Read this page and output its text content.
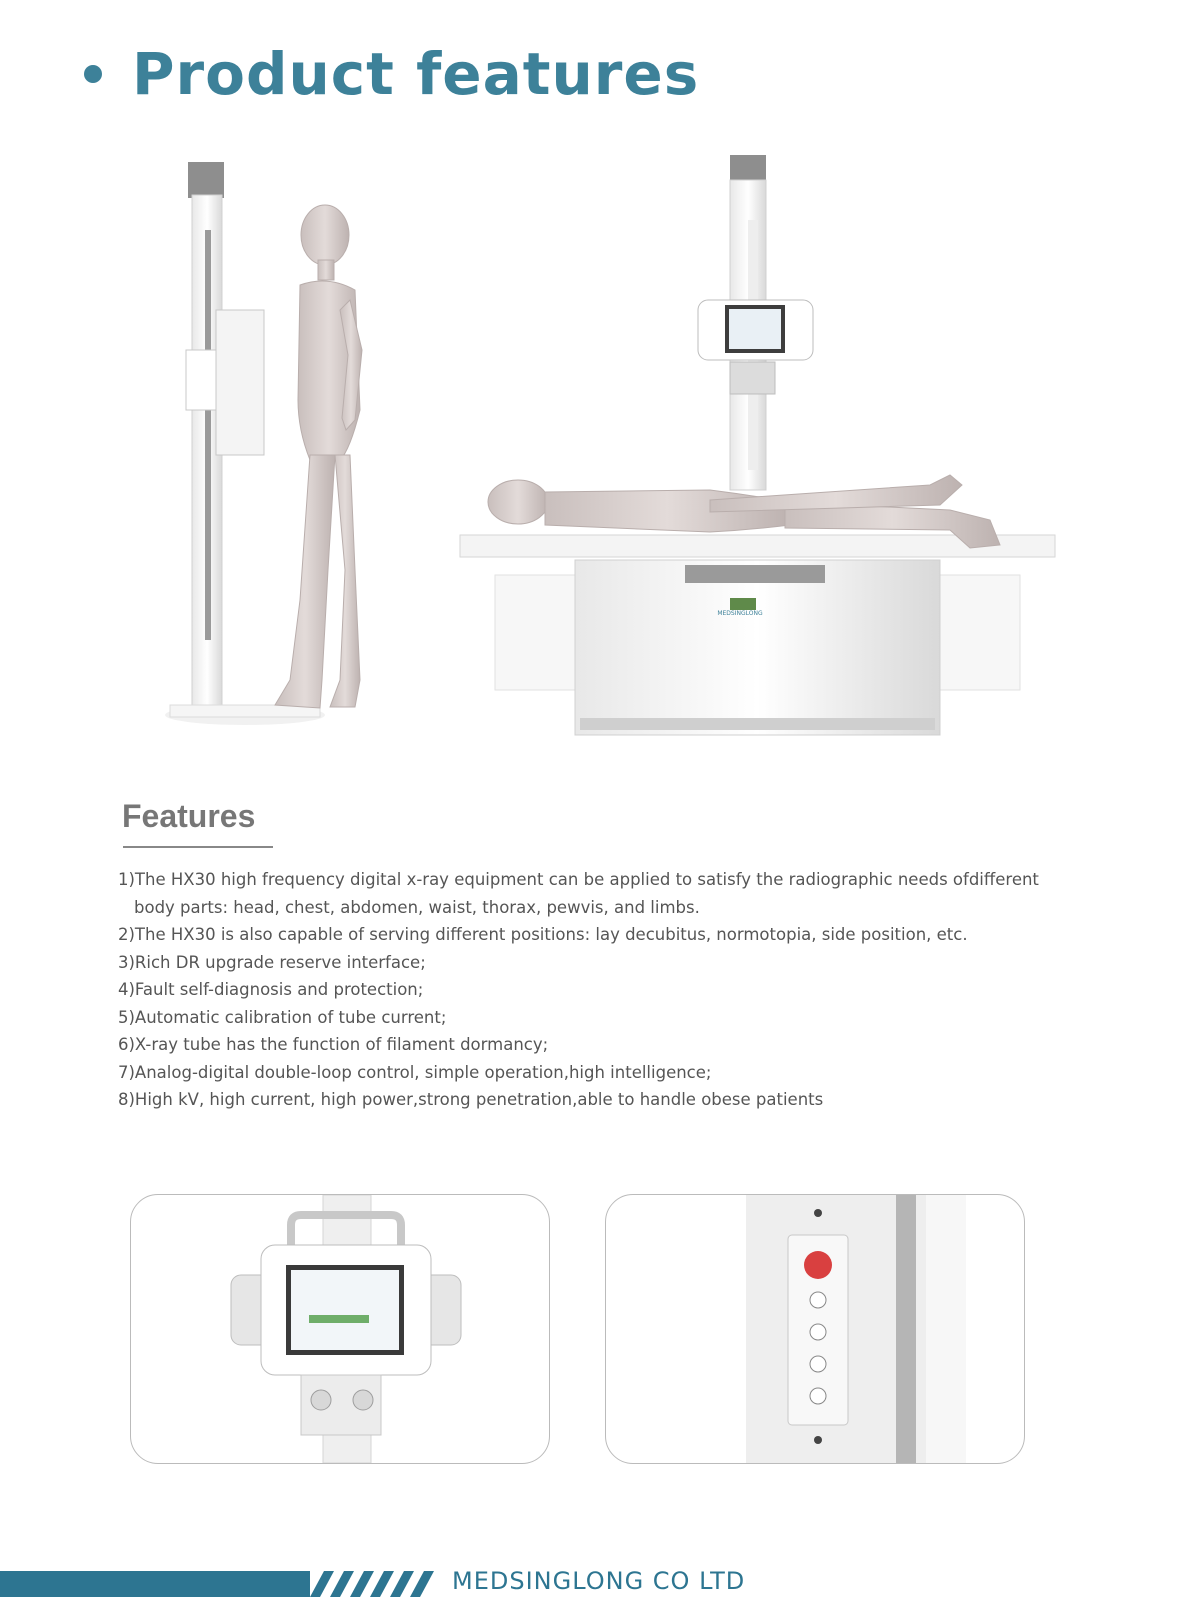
Product features
MEDSINGLONG
Features
1)The HX30 high frequency digital x-ray equipment can be applied to satisfy the radiographic needs ofdifferent
body parts: head, chest, abdomen, waist, thorax, pewvis, and limbs.
2)The HX30 is also capable of serving different positions: lay decubitus, normotopia, side position, etc.
3)Rich DR upgrade reserve interface;
4)Fault self-diagnosis and protection;
5)Automatic calibration of tube current;
6)X-ray tube has the function of filament dormancy;
7)Analog-digital double-loop control, simple operation,high intelligence;
8)High kV, high current, high power,strong penetration,able to handle obese patients
MEDSINGLONG CO LTD
